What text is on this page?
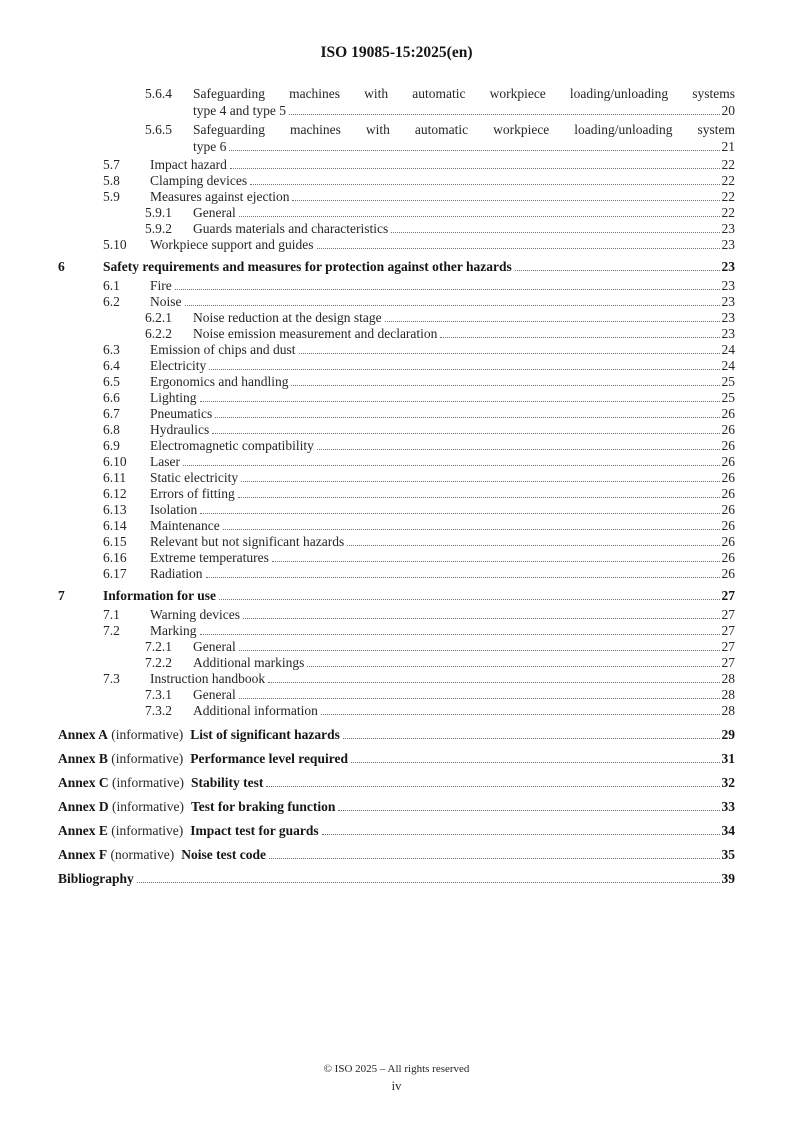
ISO 19085-15:2025(en)
5.6.4	Safeguarding machines with automatic workpiece loading/unloading systems
type 4 and type 5	20
5.6.5	Safeguarding machines with automatic workpiece loading/unloading system
type 6	21
5.7	Impact hazard	22
5.8	Clamping devices	22
5.9	Measures against ejection	22
5.9.1	General	22
5.9.2	Guards materials and characteristics	23
5.10	Workpiece support and guides	23
6	Safety requirements and measures for protection against other hazards	23
6.1	Fire	23
6.2	Noise	23
6.2.1	Noise reduction at the design stage	23
6.2.2	Noise emission measurement and declaration	23
6.3	Emission of chips and dust	24
6.4	Electricity	24
6.5	Ergonomics and handling	25
6.6	Lighting	25
6.7	Pneumatics	26
6.8	Hydraulics	26
6.9	Electromagnetic compatibility	26
6.10	Laser	26
6.11	Static electricity	26
6.12	Errors of fitting	26
6.13	Isolation	26
6.14	Maintenance	26
6.15	Relevant but not significant hazards	26
6.16	Extreme temperatures	26
6.17	Radiation	26
7	Information for use	27
7.1	Warning devices	27
7.2	Marking	27
7.2.1	General	27
7.2.2	Additional markings	27
7.3	Instruction handbook	28
7.3.1	General	28
7.3.2	Additional information	28
Annex A (informative) List of significant hazards	29
Annex B (informative) Performance level required	31
Annex C (informative) Stability test	32
Annex D (informative) Test for braking function	33
Annex E (informative) Impact test for guards	34
Annex F (normative) Noise test code	35
Bibliography	39
© ISO 2025 – All rights reserved
iv
